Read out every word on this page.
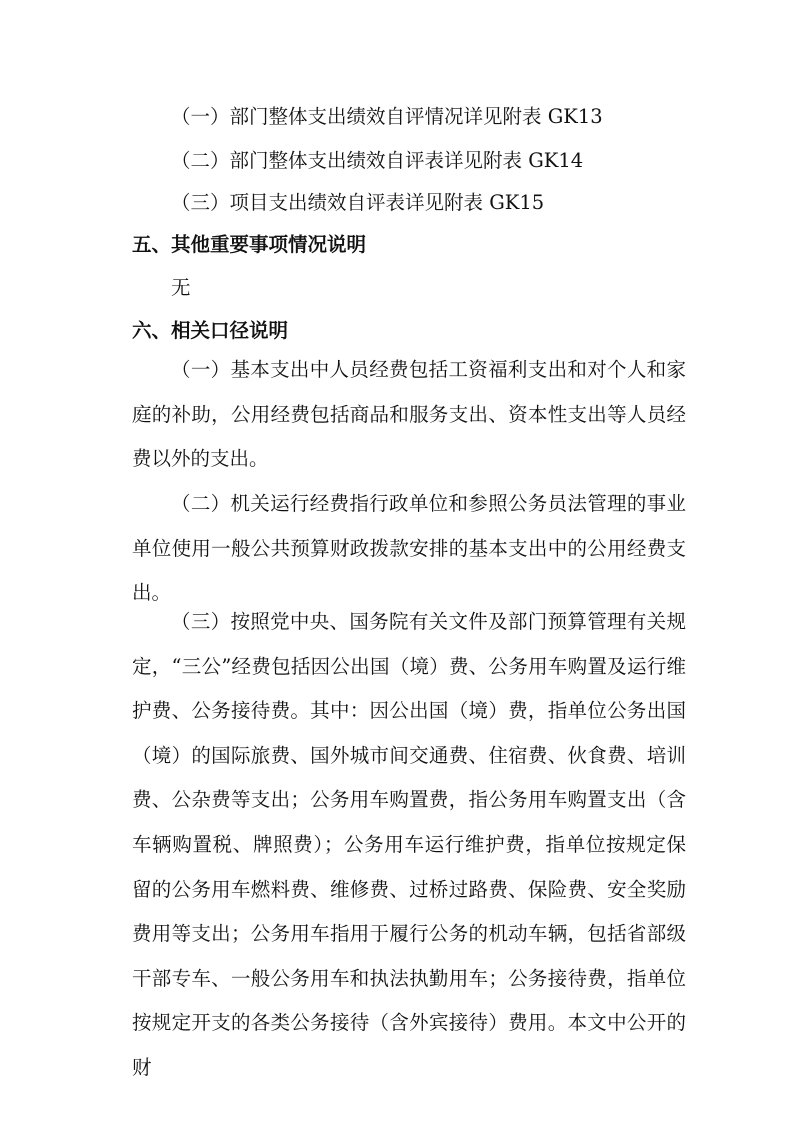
（一）部门整体支出绩效自评情况详见附表 GK13
（二）部门整体支出绩效自评表详见附表 GK14
（三）项目支出绩效自评表详见附表 GK15
五、其他重要事项情况说明
无
六、相关口径说明
（一）基本支出中人员经费包括工资福利支出和对个人和家庭的补助，公用经费包括商品和服务支出、资本性支出等人员经费以外的支出。
（二）机关运行经费指行政单位和参照公务员法管理的事业单位使用一般公共预算财政拨款安排的基本支出中的公用经费支出。
（三）按照党中央、国务院有关文件及部门预算管理有关规定，“三公”经费包括因公出国（境）费、公务用车购置及运行维护费、公务接待费。其中：因公出国（境）费，指单位公务出国（境）的国际旅费、国外城市间交通费、住宿费、伙食费、培训费、公杂费等支出；公务用车购置费，指公务用车购置支出（含车辆购置税、牌照费）；公务用车运行维护费，指单位按规定保留的公务用车燃料费、维修费、过桥过路费、保险费、安全奖励费用等支出；公务用车指用于履行公务的机动车辆，包括省部级干部专车、一般公务用车和执法执勤用车；公务接待费，指单位按规定开支的各类公务接待（含外宾接待）费用。本文中公开的财
